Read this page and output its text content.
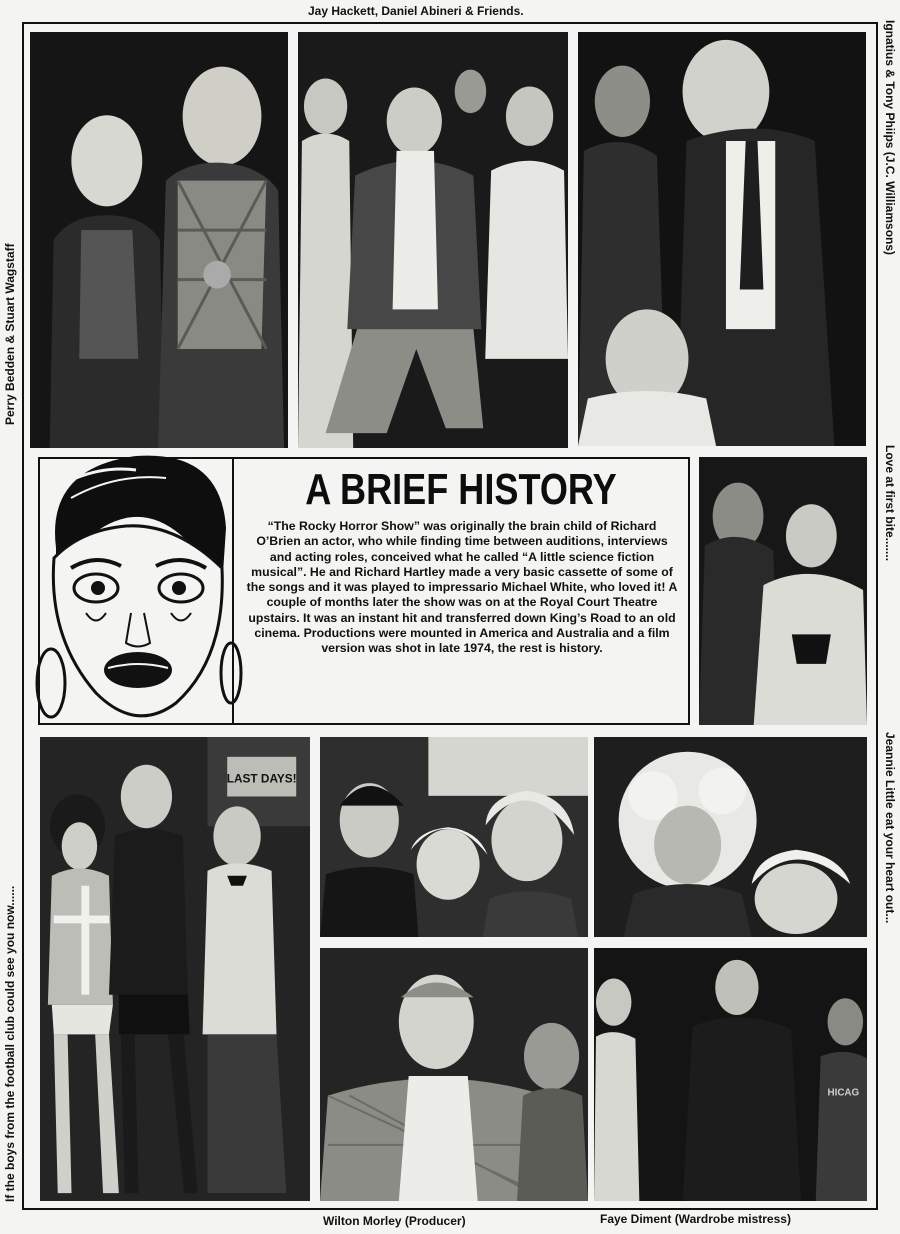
Jay Hackett, Daniel Abineri & Friends.
Perry Bedden & Stuart Wagstaff
If the boys from the football club could see you now......
Ignatius & Tony Phiips (J.C. Williamsons)
Love at first bite.......
Jeannie Little eat your heart out...
Wilton Morley (Producer)	Faye Diment (Wardrobe mistress)
A BRIEF HISTORY
“The Rocky Horror Show” was originally the brain child of Richard O’Brien an actor, who while finding time between auditions, interviews and acting roles, conceived what he called “A little science fiction musical”. He and Richard Hartley made a very basic cassette of some of the songs and it was played to impressario Michael White, who loved it! A couple of months later the show was on at the Royal Court Theatre upstairs. It was an instant hit and transferred down King’s Road to an old cinema. Productions were mounted in America and Australia and a film version was shot in late 1974, the rest is history.
LAST DAYS!
HICAG
